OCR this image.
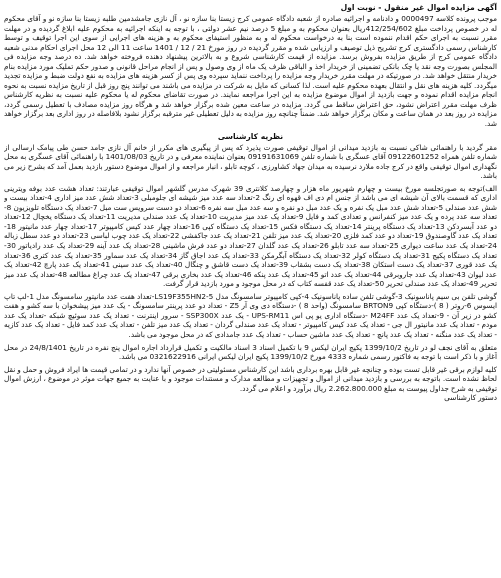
آگهی مزایده اموال غیر منقول - نوبت اول

موجب پرونده کلاسه 0000497 و دادنامه و اجرائیه صادره از شعبه دادگاه عمومی کرج زیستا بنا سازه نو ، آل نازی جامشدمین طلبه زیستا بنا سازه نو و آقای محکوم له در خصوص پرداخت مبلغ 412/254/602ریال بعنوان محکوم به و مبلغ 5 درصد نیم عشر دولتی ، با توجه به اینکه اجرائیه به محکوم علیه ابلاغ گردیده و در مهلت مقرر نسبت به اجرای حکم اقدام ننموده است بنا به درخواست محکوم له و به منظور استیفای محکوم به و هزینه های اجرایی از سوی این اجرا توقیف و توسط کارشناس رسمی دادگستری کرج تشریح ذیل توصیف و ارزیابی شده و مقرر گردیده در روز مورخ 21 / 12 / 1401 ساعت 11 الی 12 محل اجرای احکام مدنی شعبه دادگاه عمومی کرج از طریق مزایده بفروش برسد. مزایده از قیمت کارشناسی شروع و به بالاترین پیشنهاد دهنده فروخته خواهد شد. ده درصد وجه مزایده فی المجلس بصورت وجه نقد یا چک بانکی تضمینی از خریدار اخذ و الباقی ظرف یک ماه از وی وصول و پس از انجام مراحل قانونی و صدور حکم تملیک مورد مزایده بنام خریدار منتقل خواهد شد. در صورتیکه در مهلت مقرر خریدار وجه مزایده را پرداخت ننماید سپرده وی پس از کسر هزینه های مزایده به نفع دولت ضبط و مزایده تجدید میگردد. کلیه هزینه های نقل و انتقال بعهده محکوم علیه است. لذا کسانی که مایل به شرکت در مزایده می باشند می توانند پنج روز قبل از تاریخ مزایده نسبت به نحوه انجام مزایده اقدام نموده و جهت بازدید از اموال موضوع مزایده به این اجرا مراجعه نمایند. در صورت تقاضای محکوم له یا محکوم علیه نسبت به نظریه کارشناس ظرف مهلت مقرر اعتراض نشود، حق اعتراض ساقط می گردد. مزایده در ساعت معین شده برگزار خواهد شد و هرگاه روز مزایده مصادف با تعطیل رسمی گردد، مزایده در روز بعد در همان ساعت و مکان برگزار خواهد شد. ضمناً چنانچه روز مزایده به دلیل تعطیلی غیر مترقبه برگزار نشود بلافاصله در روز اداری بعد برگزار خواهد شد.

نظریه کارشناسی

مقر گردید با راهنمائی شاکی نسبت به بازدید میدانی از اموال توقیفی صورت پذیرد که پس از پیگیری های مکرر از خانم آل نازی جامد حسن طی پیامک ارسالی از شماره تلفن همراه 09122601252 آقای عسگری با شماره تلفن 09191631069 بعنوان نماینده معرفی و در تاریخ 1401/08/03 با راهنمائی آقای عسگری به محل نگهداری اموال توقیفی واقع در کرج جاده ملارد نرسیده به میدان جهاد کشاورزی ، کوچه تابلو ، انبار مراجعه و از اموال موضوع دستور بازدید بعمل آمد که بشرح زیر می باشد.

الف)توجه به صورتجلسه مورخ بیست و چهارم شهریور ماه هزار و چهارصد کلانتری 39 شهرک مدرس گلشهر اموال توقیفی عبارتند: تعداد هشت عدد بوفه ویترینی اداری که قسمت بالای آن شیشه ای می باشد از جنس ام دی اف قهوه ای رنگ 2-تعداد سه عدد میز شیشه ای جلومبلی 3-تعداد شش عدد میز اداری 4-تعداد بیست و شش عدد صندلی 5-تعداد شش عدد مبل یک نفره و یک عدد مبل دو نفره و سه عدد مبل سه نفره 6-تعداد دو دست سرویس ست مبل 7-تعداد یک دستگاه تلویزیون 8-تعداد سه عدد پرده و یک عدد میز کنفرانس و تعدادی کمد و فایل 9-تعداد یک عدد میز مدیریت 10-تعداد یک عدد صندلی مدیریت 11-تعداد یک دستگاه یخچال 12-تعداد دو عدد آبسردکن 13-تعداد یک دستگاه پرینتر 14-تعداد یک دستگاه فکس 15-تعداد یک دستگاه کپی 16-تعداد چهار عدد کیس کامپیوتر 17-تعداد چهار عدد مانیتور 18-تعداد یک عدد گاوصندوق 19-تعداد دو عدد کمد فلزی 20-تعداد یک عدد میز تلفن 21-تعداد یک عدد جاکفشی 22-تعداد یک عدد چوب لباسی 23-تعداد دو عدد سطل زباله 24-تعداد یک عدد ساعت دیواری 25-تعداد سه عدد تابلو 26-تعداد یک عدد گلدان 27-تعداد دو عدد فرش ماشینی 28-تعداد یک عدد آینه 29-تعداد یک عدد رادیاتور 30-تعداد یک دستگاه پکیج 31-تعداد یک دستگاه کولر 32-تعداد یک دستگاه آبگرمکن 33-تعداد یک عدد اجاق گاز 34-تعداد یک عدد سماور 35-تعداد یک عدد کتری 36-تعداد یک عدد قوری 37-تعداد یک دست استکان 38-تعداد یک دست بشقاب 39-تعداد یک دست قاشق و چنگال 40-تعداد یک عدد سینی 41-تعداد یک عدد پارچ 42-تعداد یک عدد لیوان 43-تعداد یک عدد جاروبرقی 44-تعداد یک عدد اتو 45-تعداد یک عدد پنکه 46-تعداد یک عدد بخاری برقی 47-تعداد یک عدد چراغ مطالعه 48-تعداد یک عدد میز تحریر 49-تعداد یک عدد صندلی تحریر 50-تعداد یک عدد قفسه کتاب که در محل موجود و مورد بازدید قرار گرفت.

گوشی تلفن بی سیم پاناسونیک 3-گوشی تلفن ساده پاناسونیک 4-کپی کامپیوتر سامسونگ مدل LS19F355HN2-5-تعداد هفت عدد مانیتور سامسونگ مدل 1-لپ تاپ ایسوس 6-روتر ( 8 )-دستگاه کپی BRTON9 سامسونگ (واحد 8 ) -دستگاه دی وی آر Z5 - تعداد دو عدد پرینتر سامسونگ - یک عدد میز پیشخوان با سه کشو و هفت کشو در زیر آن - 9-تعداد یک عدد M24FF -دستگاه اداری یو پی اس UPS-RM11 - یک عدد SSP300X - سرور اینترنت - تعداد یک عدد سوئیچ شبکه -تعداد یک عدد مودم - تعداد یک عدد مانیتور ال جی - تعداد یک عدد کیس کامپیوتر - تعداد یک عدد صندلی گردان - تعداد یک عدد میز تلفن - تعداد یک عدد کمد فایل - تعداد یک عدد کازیه - تعداد یک عدد منگنه - تعداد یک عدد پانچ - تعداد یک عدد ماشین حساب - تعداد یک عدد جامدادی که در محل موجود می باشد.

متعلق به آقای نجف لو در تاریخ 1399/10/2 پکیج ایران لیکس 9 با تکمیل اسناد 3 اسناد مالکیت و تکمیل قرارداد اجاره اموال پنج نفره در تاریخ 24/8/1401 در محل آغاز و با ذکر است با توجه به فاکتور رسمی شماره 4333 مورخ 1399/10/2 پکیج ایران لیکس ایرانی 0321622916 می باشد.

کلیه لوازم برقی غیر قابل تست بوده و چنانچه غیر قابل بهره برداری باشد این کارشناس مسئولیتی در خصوص آنها ندارد و در تمامی قیمت ها ایراد فروش و حمل و نقل لحاظ نشده است. باتوجه به بررسی و بازدید میدانی از اموال و تجهیزات و مطالعه مدارک و مستندات موجود و با عنایت به جمیع جهات موثر در موضوع ، ارزش اموال توقیفی به شرح جداول پیوست به مبلغ 2.262.800.000 ریال برآورد و اعلام می گردد.

دستور کارشناسی
